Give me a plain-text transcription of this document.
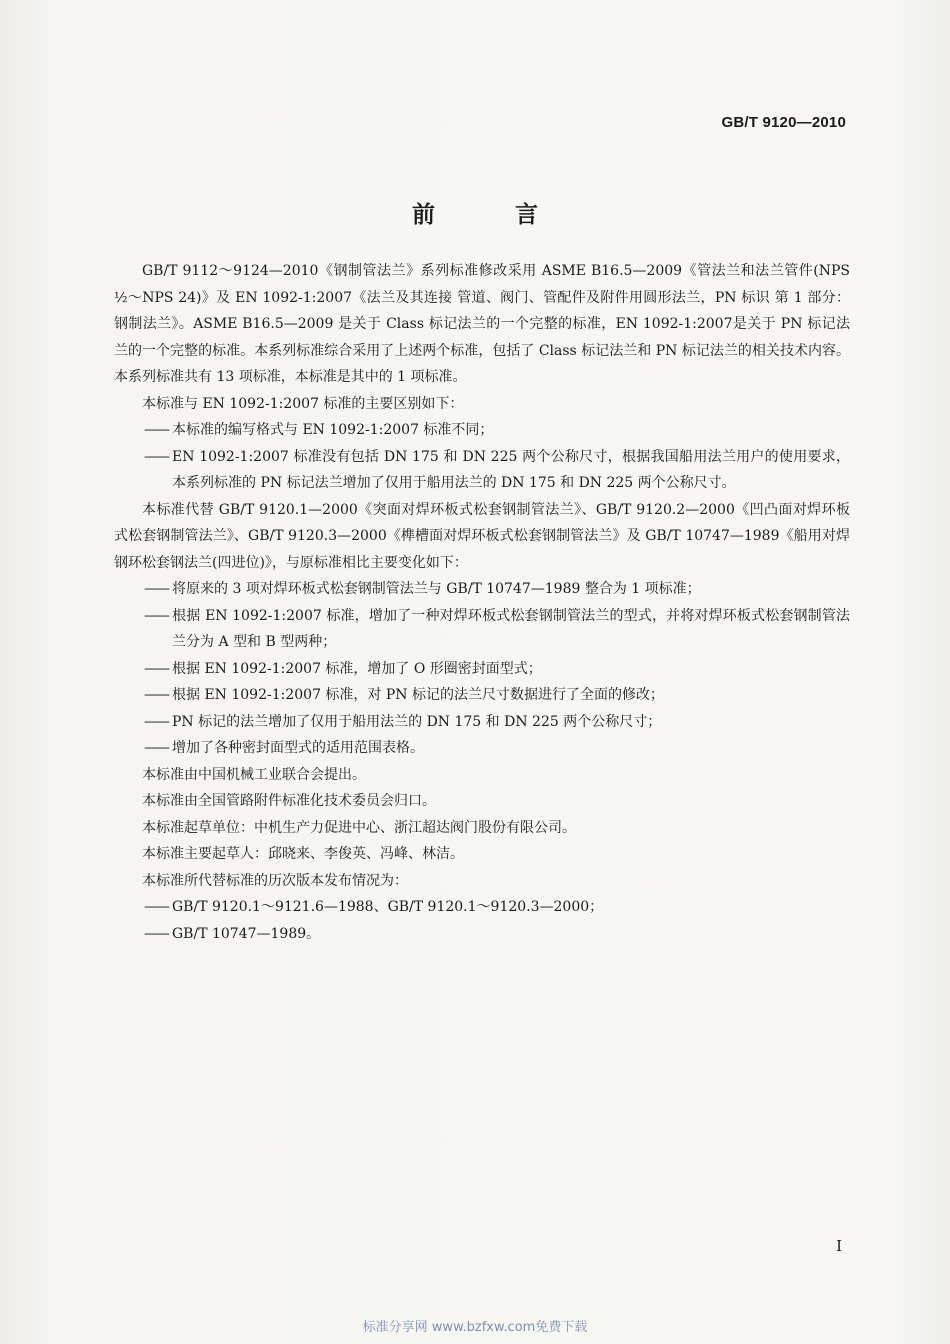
GB/T 9120—2010
前 言

GB/T 9112～9124—2010《钢制管法兰》系列标准修改采用 ASME B16.5—2009《管法兰和法兰管件(NPS ½～NPS 24)》及 EN 1092-1:2007《法兰及其连接 管道、阀门、管配件及附件用圆形法兰，PN 标识 第 1 部分：钢制法兰》。ASME B16.5—2009 是关于 Class 标记法兰的一个完整的标准，EN 1092-1:2007是关于 PN 标记法兰的一个完整的标准。本系列标准综合采用了上述两个标准，包括了 Class 标记法兰和 PN 标记法兰的相关技术内容。本系列标准共有 13 项标准，本标准是其中的 1 项标准。

本标准与 EN 1092-1:2007 标准的主要区别如下：

—— 本标准的编写格式与 EN 1092-1:2007 标准不同；

—— EN 1092-1:2007 标准没有包括 DN 175 和 DN 225 两个公称尺寸，根据我国船用法兰用户的使用要求，本系列标准的 PN 标记法兰增加了仅用于船用法兰的 DN 175 和 DN 225 两个公称尺寸。

本标准代替 GB/T 9120.1—2000《突面对焊环板式松套钢制管法兰》、GB/T 9120.2—2000《凹凸面对焊环板式松套钢制管法兰》、GB/T 9120.3—2000《榫槽面对焊环板式松套钢制管法兰》及 GB/T 10747—1989《船用对焊钢环松套钢法兰(四进位)》，与原标准相比主要变化如下：

—— 将原来的 3 项对焊环板式松套钢制管法兰与 GB/T 10747—1989 整合为 1 项标准；

—— 根据 EN 1092-1:2007 标准，增加了一种对焊环板式松套钢制管法兰的型式，并将对焊环板式松套钢制管法兰分为 A 型和 B 型两种；

—— 根据 EN 1092-1:2007 标准，增加了 O 形圈密封面型式；

—— 根据 EN 1092-1:2007 标准，对 PN 标记的法兰尺寸数据进行了全面的修改；

—— PN 标记的法兰增加了仅用于船用法兰的 DN 175 和 DN 225 两个公称尺寸；

—— 增加了各种密封面型式的适用范围表格。

本标准由中国机械工业联合会提出。

本标准由全国管路附件标准化技术委员会归口。

本标准起草单位：中机生产力促进中心、浙江超达阀门股份有限公司。

本标准主要起草人：邱晓来、李俊英、冯峰、林洁。

本标准所代替标准的历次版本发布情况为：

—— GB/T 9120.1～9121.6—1988、GB/T 9120.1～9120.3—2000；

—— GB/T 10747—1989。

I
标准分享网 www.bzfxw.com免费下载
